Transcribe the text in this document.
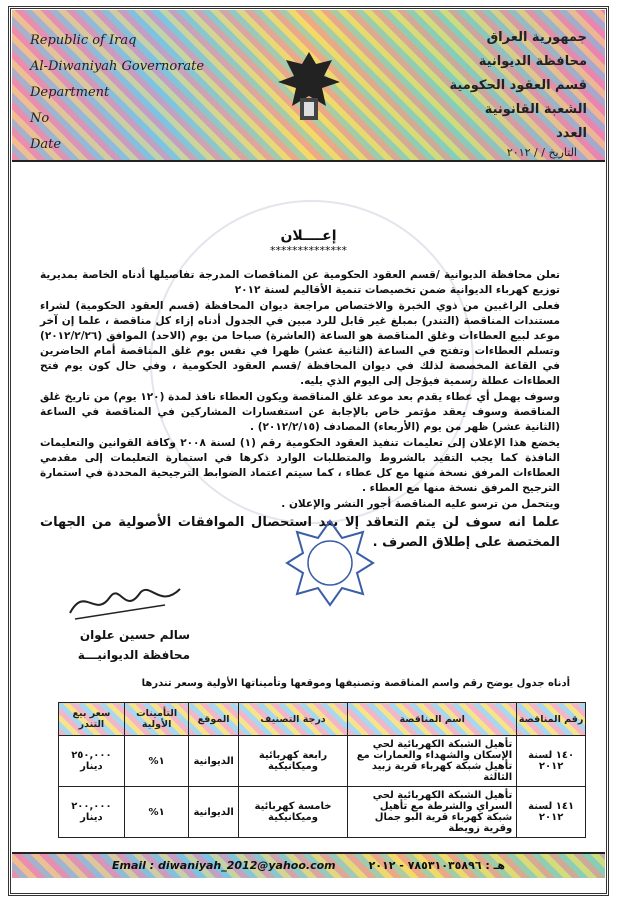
Republic of Iraq
Al-Diwaniyah Governorate
Department
No
Date
جمهورية العراق
محافظة الديوانية
قسم العقود الحكومية
الشعبة القانونية
العدد
التاريخ / / ٢٠١٢
إعــــلان
**************

تعلن محافظة الديوانية /قسم العقود الحكومية عن المناقصات المدرجة تفاصيلها أدناه الخاصة بمديرية توزيع كهرباء الديوانية ضمن تخصيصات تنمية الأقاليم لسنة ٢٠١٢

فعلى الراغبين من ذوي الخبرة والاختصاص مراجعة ديوان المحافظة (قسم العقود الحكومية) لشراء مستندات المناقصة (التندر) بمبلغ غير قابل للرد مبين في الجدول أدناه إزاء كل مناقصة ، علما إن آخر موعد لبيع العطاءات وغلق المناقصة هو الساعة (العاشرة) صباحا من يوم (الاحد) الموافق (٢٠١٢/٢/٢٦) وتسلم العطاءات وتفتح في الساعة (الثانية عشر) ظهرا في نفس يوم غلق المناقصة أمام الحاضرين في القاعة المخصصة لذلك في ديوان المحافظة /قسم العقود الحكومية ، وفي حال كون يوم فتح العطاءات عطلة رسمية فيؤجل إلى اليوم الذي يليه.

وسوف يهمل أي عطاء يقدم بعد موعد غلق المناقصة ويكون العطاء نافذ لمدة (١٢٠ يوم) من تاريخ غلق المناقصة وسوف يعقد مؤتمر خاص بالإجابة عن استفسارات المشاركين في المناقصة في الساعة (الثانية عشر) ظهر من يوم (الأربعاء) المصادف (٢٠١٢/٢/١٥) .

يخضع هذا الإعلان إلى تعليمات تنفيذ العقود الحكومية رقم (١) لسنة ٢٠٠٨ وكافة القوانين والتعليمات النافذة كما يجب التقيد بالشروط والمتطلبات الوارد ذكرها في استمارة التعليمات إلى مقدمي العطاءات المرفق نسخة منها مع كل عطاء ، كما سيتم اعتماد الضوابط الترجيحية المحددة في استمارة الترجيح المرفق نسخة منها مع العطاء .

ويتحمل من ترسو عليه المناقصة أجور النشر والإعلان .

علما انه سوف لن يتم التعاقد إلا بعد استحصال الموافقات الأصولية من الجهات المختصة على إطلاق الصرف .

سالم حسين علوان
محافظة الديوانيـــة
أدناه جدول يوضح رقم واسم المناقصة وتصنيفها وموقعها وتأميناتها الأولية وسعر تندرها
رقم المناقصة	اسم المناقصة	درجة التصنيف	الموقع	التأمينات الأولية	سعر بيع التندر
١٤٠ لسنة ٢٠١٢	تأهيل الشبكة الكهربائية لحي الإسكان والشهداء والعمارات مع تأهيل شبكة كهرباء قرية زبيد الثالثة	رابعة كهربائية وميكانيكية	الديوانية	١%	٢٥٠,٠٠٠ دينار
١٤١ لسنة ٢٠١٢	تأهيل الشبكة الكهربائية لحي السراي والشرطة مع تأهيل شبكة كهرباء قرية البو جمال وقرية زويطة	خامسة كهربائية وميكانيكية	الديوانية	١%	٢٠٠,٠٠٠ دينار
Email : diwaniyah_2012@yahoo.com	هـ : ٧٨٥٣١٠٣٥٨٩٦ - ٢٠١٢
